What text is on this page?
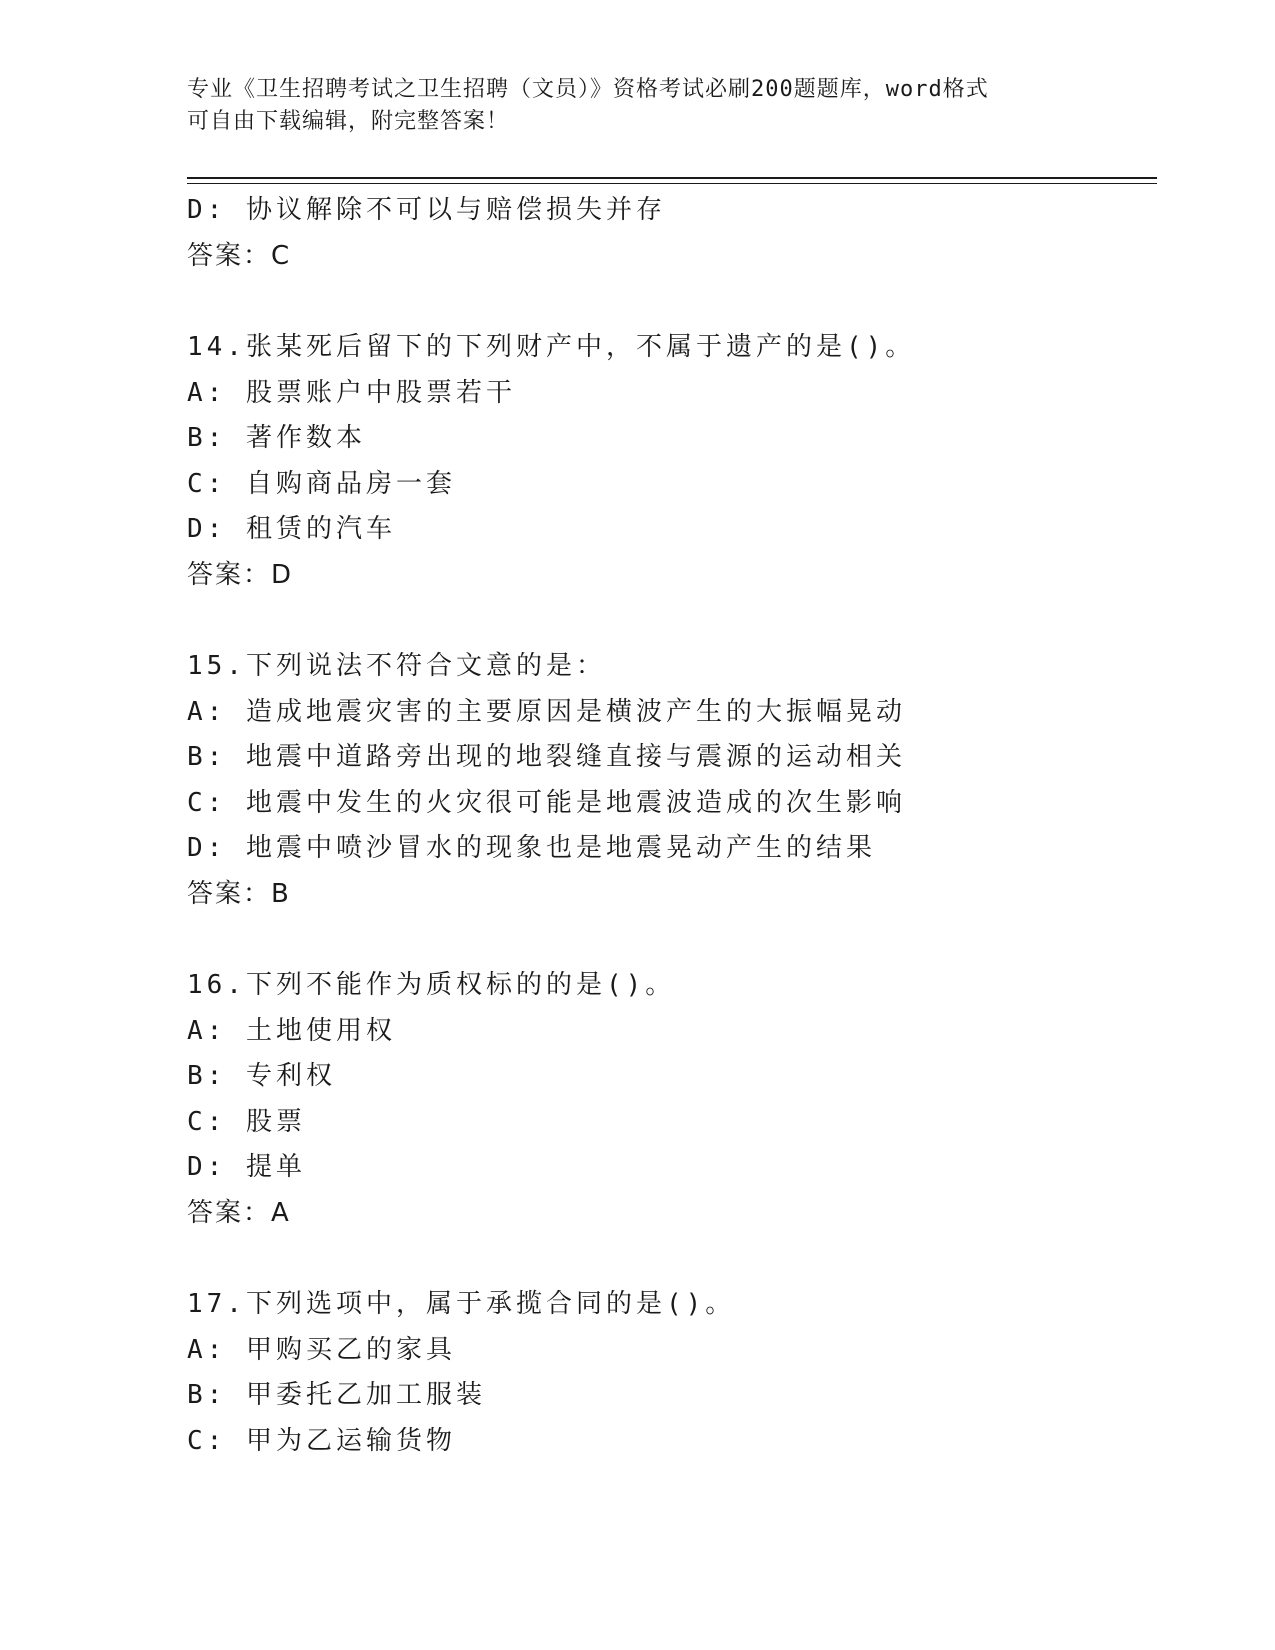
专业《卫生招聘考试之卫生招聘（文员）》资格考试必刷200题题库，word格式
可自由下载编辑，附完整答案！
D: 协议解除不可以与赔偿损失并存
答案：C
14.张某死后留下的下列财产中，不属于遗产的是()。
A: 股票账户中股票若干
B: 著作数本
C: 自购商品房一套
D: 租赁的汽车
答案：D
15.下列说法不符合文意的是：
A: 造成地震灾害的主要原因是横波产生的大振幅晃动
B: 地震中道路旁出现的地裂缝直接与震源的运动相关
C: 地震中发生的火灾很可能是地震波造成的次生影响
D: 地震中喷沙冒水的现象也是地震晃动产生的结果
答案：B
16.下列不能作为质权标的的是()。
A: 土地使用权
B: 专利权
C: 股票
D: 提单
答案：A
17.下列选项中，属于承揽合同的是()。
A: 甲购买乙的家具
B: 甲委托乙加工服装
C: 甲为乙运输货物
